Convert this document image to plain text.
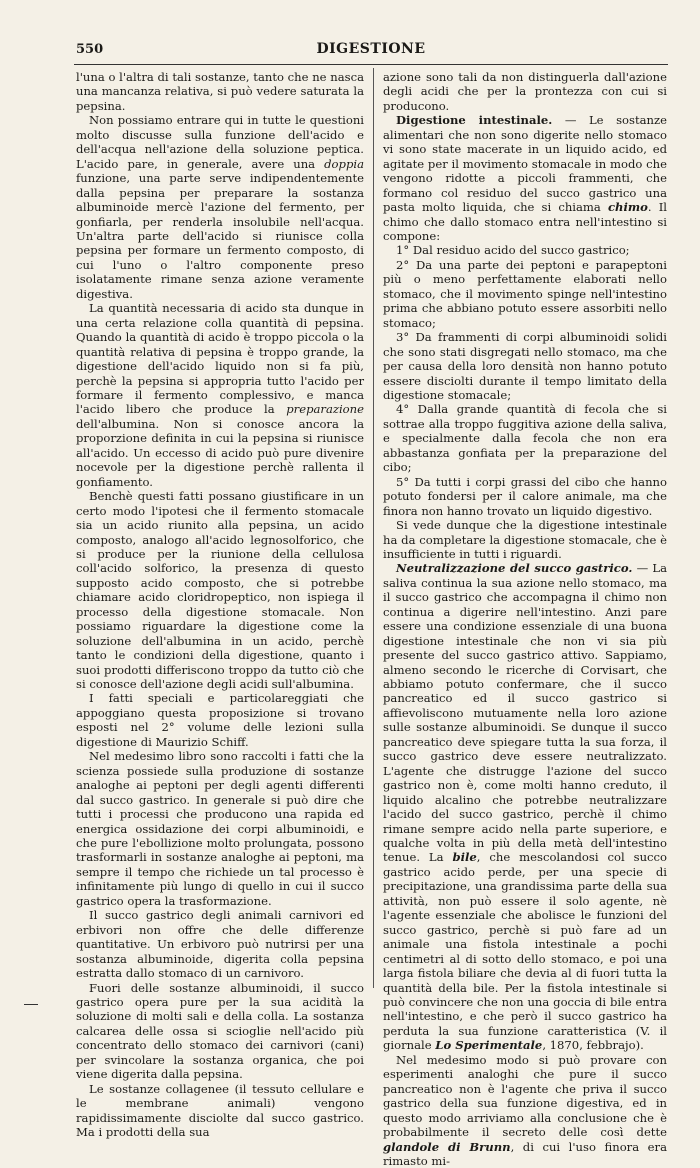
550	DIGESTIONE

l'una o l'altra di tali sostanze, tanto che ne nasca una mancanza relativa, si può vedere saturata la pepsina.

Non possiamo entrare qui in tutte le questioni molto discusse sulla funzione dell'acido e dell'acqua nell'azione della soluzione peptica. L'acido pare, in generale, avere una doppia funzione, una parte serve indipendentemente dalla pepsina per preparare la sostanza albuminoide mercè l'azione del fermento, per gonfiarla, per renderla insolubile nell'acqua. Un'altra parte dell'acido si riunisce colla pepsina per formare un fermento composto, di cui l'uno o l'altro componente preso isolatamente rimane senza azione veramente digestiva.

La quantità necessaria di acido sta dunque in una certa relazione colla quantità di pepsina. Quando la quantità di acido è troppo piccola o la quantità relativa di pepsina è troppo grande, la digestione dell'acido liquido non si fa più, perchè la pepsina si appropria tutto l'acido per formare il fermento complessivo, e manca l'acido libero che produce la preparazione dell'albumina. Non si conosce ancora la proporzione definita in cui la pepsina si riunisce all'acido. Un eccesso di acido può pure divenire nocevole per la digestione perchè rallenta il gonfiamento.

Benchè questi fatti possano giustificare in un certo modo l'ipotesi che il fermento stomacale sia un acido riunito alla pepsina, un acido composto, analogo all'acido legnosolforico, che si produce per la riunione della cellulosa coll'acido solforico, la presenza di questo supposto acido composto, che si potrebbe chiamare acido cloridropeptico, non ispiega il processo della digestione stomacale. Non possiamo riguardare la digestione come la soluzione dell'albumina in un acido, perchè tanto le condizioni della digestione, quanto i suoi prodotti differiscono troppo da tutto ciò che si conosce dell'azione degli acidi sull'albumina.

I fatti speciali e particolareggiati che appoggiano questa proposizione si trovano esposti nel 2° volume delle lezioni sulla digestione di Maurizio Schiff.

Nel medesimo libro sono raccolti i fatti che la scienza possiede sulla produzione di sostanze analoghe ai peptoni per degli agenti differenti dal succo gastrico. In generale si può dire che tutti i processi che producono una rapida ed energica ossidazione dei corpi albuminoidi, e che pure l'ebollizione molto prolungata, possono trasformarli in sostanze analoghe ai peptoni, ma sempre il tempo che richiede un tal processo è infinitamente più lungo di quello in cui il succo gastrico opera la trasformazione.

Il succo gastrico degli animali carnivori ed erbivori non offre che delle differenze quantitative. Un erbivoro può nutrirsi per una sostanza albuminoide, digerita colla pepsina estratta dallo stomaco di un carnivoro.

Fuori delle sostanze albuminoidi, il succo gastrico opera pure per la sua acidità la soluzione di molti sali e della colla. La sostanza calcarea delle ossa si scioglie nell'acido più concentrato dello stomaco dei carnivori (cani) per svincolare la sostanza organica, che poi viene digerita dalla pepsina.

Le sostanze collagenee (il tessuto cellulare e le membrane animali) vengono rapidissimamente disciolte dal succo gastrico. Ma i prodotti della sua

azione sono tali da non distinguerla dall'azione degli acidi che per la prontezza con cui si producono.

Digestione intestinale. — Le sostanze alimentari che non sono digerite nello stomaco vi sono state macerate in un liquido acido, ed agitate per il movimento stomacale in modo che vengono ridotte a piccoli frammenti, che formano col residuo del succo gastrico una pasta molto liquida, che si chiama chimo. Il chimo che dallo stomaco entra nell'intestino si compone:

1° Dal residuo acido del succo gastrico;

2° Da una parte dei peptoni e parapeptoni più o meno perfettamente elaborati nello stomaco, che il movimento spinge nell'intestino prima che abbiano potuto essere assorbiti nello stomaco;

3° Da frammenti di corpi albuminoidi solidi che sono stati disgregati nello stomaco, ma che per causa della loro densità non hanno potuto essere disciolti durante il tempo limitato della digestione stomacale;

4° Dalla grande quantità di fecola che si sottrae alla troppo fuggitiva azione della saliva, e specialmente dalla fecola che non era abbastanza gonfiata per la preparazione del cibo;

5° Da tutti i corpi grassi del cibo che hanno potuto fondersi per il calore animale, ma che finora non hanno trovato un liquido digestivo.

Si vede dunque che la digestione intestinale ha da completare la digestione stomacale, che è insufficiente in tutti i riguardi.

Neutralizzazione del succo gastrico. — La saliva continua la sua azione nello stomaco, ma il succo gastrico che accompagna il chimo non continua a digerire nell'intestino. Anzi pare essere una condizione essenziale di una buona digestione intestinale che non vi sia più presente del succo gastrico attivo. Sappiamo, almeno secondo le ricerche di Corvisart, che abbiamo potuto confermare, che il succo pancreatico ed il succo gastrico si affievoliscono mutuamente nella loro azione sulle sostanze albuminoidi. Se dunque il succo pancreatico deve spiegare tutta la sua forza, il succo gastrico deve essere neutralizzato. L'agente che distrugge l'azione del succo gastrico non è, come molti hanno creduto, il liquido alcalino che potrebbe neutralizzare l'acido del succo gastrico, perchè il chimo rimane sempre acido nella parte superiore, e qualche volta in più della metà dell'intestino tenue. La bile, che mescolandosi col succo gastrico acido perde, per una specie di precipitazione, una grandissima parte della sua attività, non può essere il solo agente, nè l'agente essenziale che abolisce le funzioni del succo gastrico, perchè si può fare ad un animale una fistola intestinale a pochi centimetri al di sotto dello stomaco, e poi una larga fistola biliare che devia al di fuori tutta la quantità della bile. Per la fistola intestinale si può convincere che non una goccia di bile entra nell'intestino, e che però il succo gastrico ha perduta la sua funzione caratteristica (V. il giornale Lo Sperimentale, 1870, febbrajo).

Nel medesimo modo si può provare con esperimenti analoghi che pure il succo pancreatico non è l'agente che priva il succo gastrico della sua funzione digestiva, ed in questo modo arriviamo alla conclusione che è probabilmente il secreto delle così dette glandole di Brunn, di cui l'uso finora era rimasto mi-
